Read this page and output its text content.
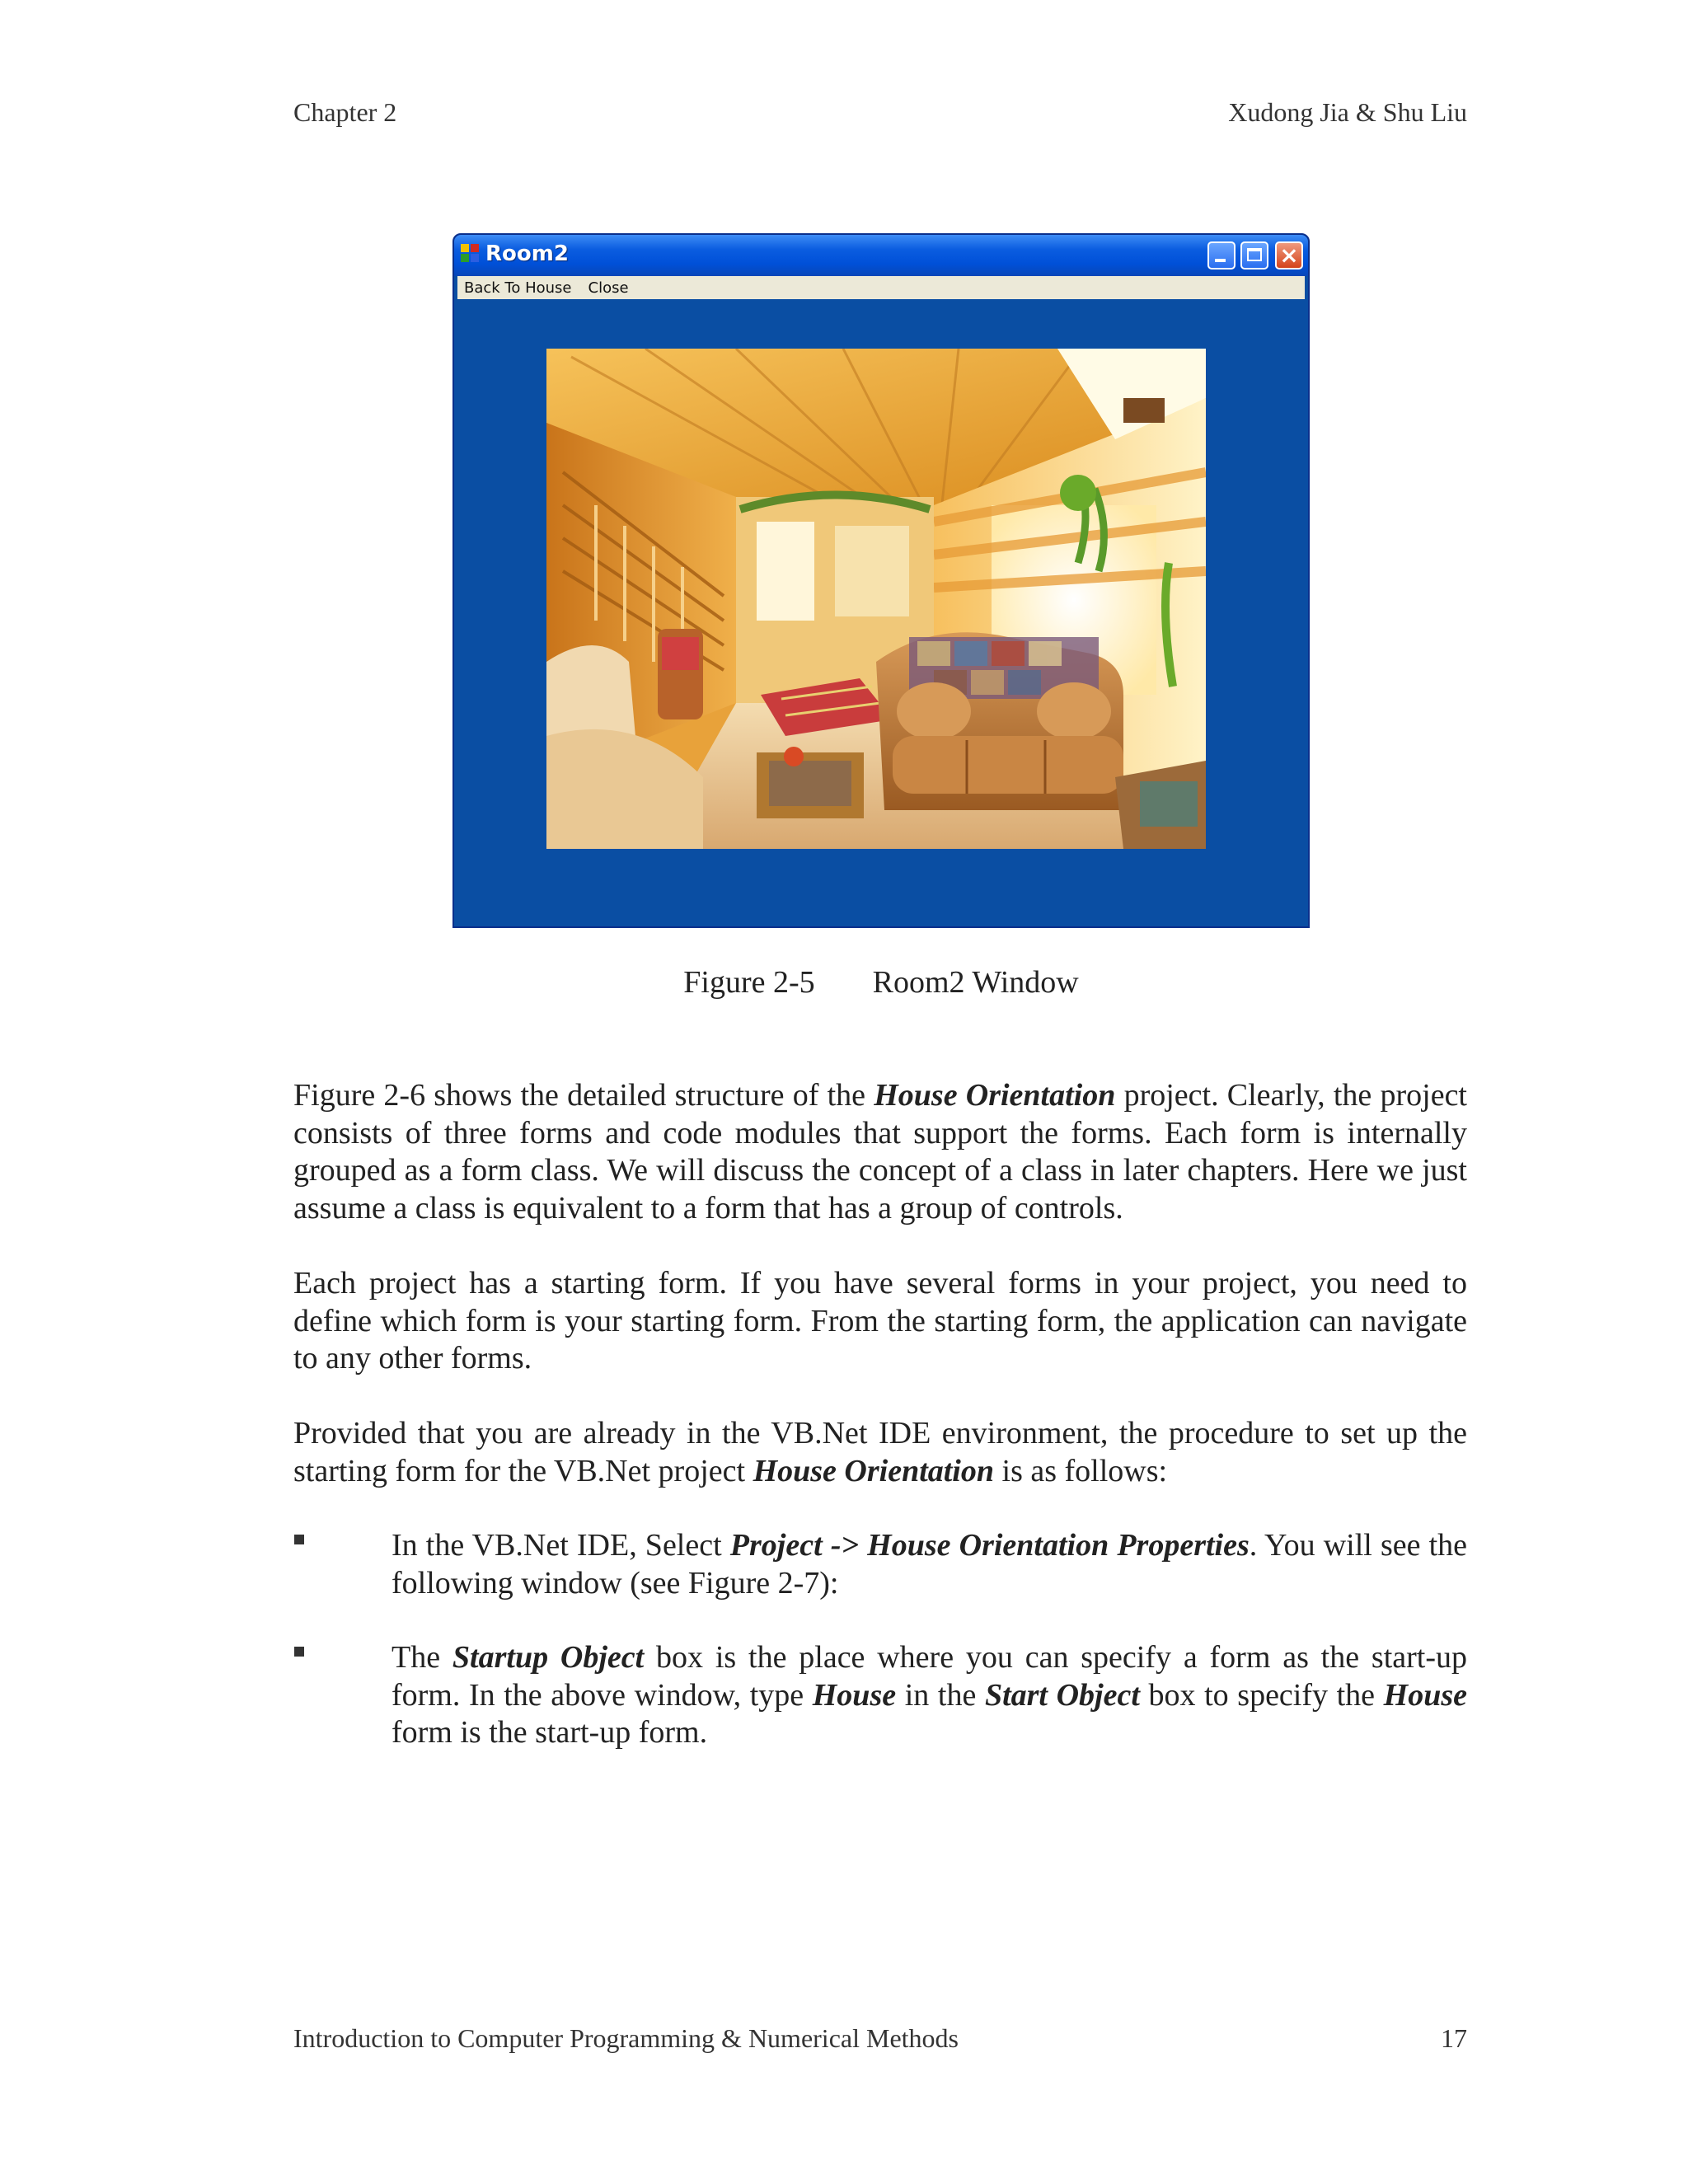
Chapter 2	Xudong Jia & Shu Liu
Room2	×
Back To House Close
Figure 2-5 Room2 Window

Figure 2-6 shows the detailed structure of the House Orientation project. Clearly, the project consists of three forms and code modules that support the forms. Each form is internally grouped as a form class. We will discuss the concept of a class in later chapters. Here we just assume a class is equivalent to a form that has a group of controls.

Each project has a starting form. If you have several forms in your project, you need to define which form is your starting form. From the starting form, the application can navigate to any other forms.

Provided that you are already in the VB.Net IDE environment, the procedure to set up the starting form for the VB.Net project House Orientation is as follows:

In the VB.Net IDE, Select Project -> House Orientation Properties. You will see the following window (see Figure 2-7):

The Startup Object box is the place where you can specify a form as the start-up form. In the above window, type House in the Start Object box to specify the House form is the start-up form.

Introduction to Computer Programming & Numerical Methods	17
